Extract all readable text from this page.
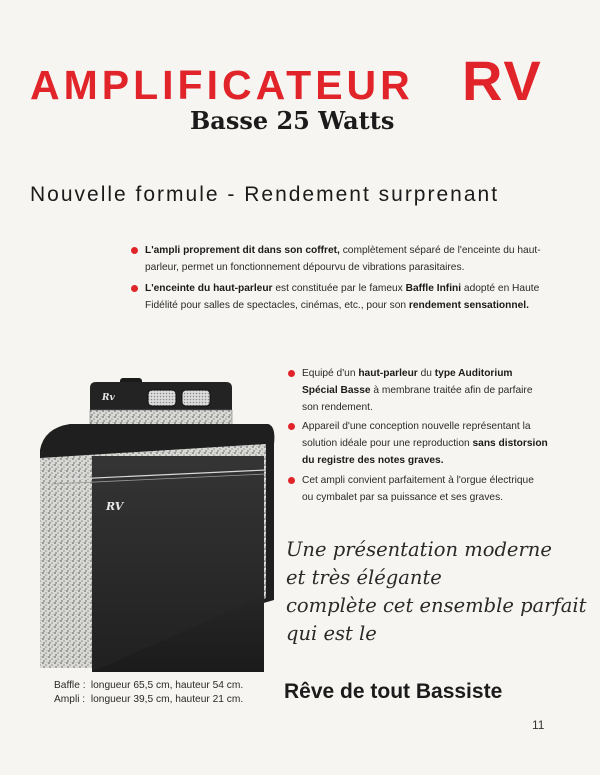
AMPLIFICATEUR RV
Basse 25 Watts
Nouvelle formule - Rendement surprenant
L'ampli proprement dit dans son coffret, complètement séparé de l'enceinte du haut-parleur, permet un fonctionnement dépourvu de vibrations parasitaires.
L'enceinte du haut-parleur est constituée par le fameux Baffle Infini adopté en Haute Fidélité pour salles de spectacles, cinémas, etc., pour son rendement sensationnel.
Equipé d'un haut-parleur du type Auditorium Spécial Basse à membrane traitée afin de parfaire son rendement.
Appareil d'une conception nouvelle représentant la solution idéale pour une reproduction sans distorsion du registre des notes graves.
Cet ampli convient parfaitement à l'orgue électrique ou cymbalet par sa puissance et ses graves.
Rv
RV
Une présentation moderne
et très élégante
complète cet ensemble parfait
qui est le
Rêve de tout Bassiste
Baffle : longueur 65,5 cm, hauteur 54 cm.
Ampli : longueur 39,5 cm, hauteur 21 cm.
11
